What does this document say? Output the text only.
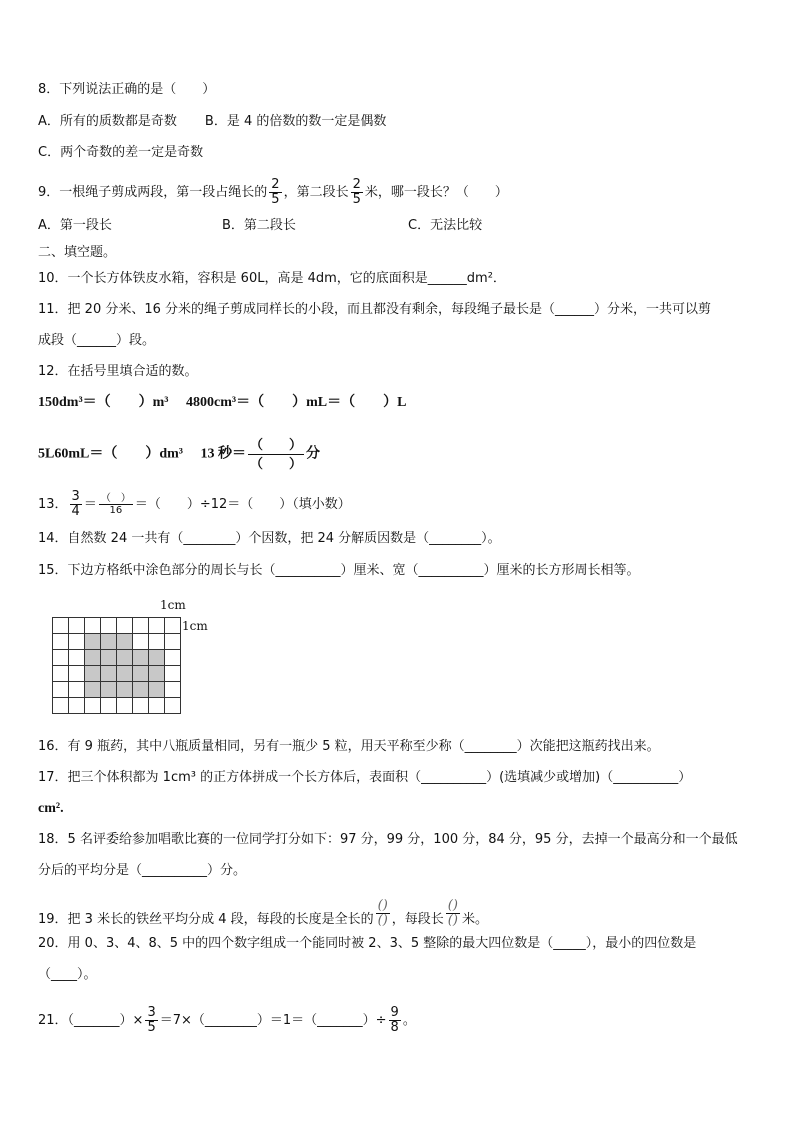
8．下列说法正确的是（　　）
A．所有的质数都是奇数 B．是 4 的倍数的数一定是偶数
C．两个奇数的差一定是奇数
9．一根绳子剪成两段，第一段占绳长的 $\frac{2}{5}$ ，第二段长 $\frac{2}{5}$ 米，哪一段长？（　　）
A．第一段长	B．第二段长	C．无法比较
二、填空题。
10．一个长方体铁皮水箱，容积是 60L，高是 4dm，它的底面积是______dm²．
11．把 20 分米、16 分米的绳子剪成同样长的小段，而且都没有剩余，每段绳子最长是（______）分米，一共可以剪
成段（______）段。
12．在括号里填合适的数。
150dm³＝（　　）m³　 4800cm³＝（　　）mL＝（　　）L
5L60mL＝（　　）dm³　 13 秒＝ $\frac{( )}{( )}$ 分
13． $\frac{3}{4} = \frac{( )}{16}$ ＝（　　）÷12＝（　　）（填小数）
14．自然数 24 一共有（________）个因数，把 24 分解质因数是（________）。
15．下边方格纸中涂色部分的周长与长（__________）厘米、宽（__________）厘米的长方形周长相等。
1cm
1cm
16．有 9 瓶药，其中八瓶质量相同，另有一瓶少 5 粒，用天平称至少称（________）次能把这瓶药找出来。
17．把三个体积都为 1cm³ 的正方体拼成一个长方体后，表面积（__________）(选填减少或增加)（__________）
cm².
18．5 名评委给参加唱歌比赛的一位同学打分如下：97 分，99 分，100 分，84 分，95 分，去掉一个最高分和一个最低
分后的平均分是（__________）分。
19．把 3 米长的铁丝平均分成 4 段，每段的长度是全长的 $\frac{()}{()}$ ，每段长 $\frac{()}{()}$ 米。
20．用 0、3、4、8、5 中的四个数字组成一个能同时被 2、3、5 整除的最大四位数是（_____），最小的四位数是
（____）。
21．（_______）× $\frac{3}{5}$ ＝7×（________）＝1＝（_______）÷ $\frac{9}{8}$ 。
